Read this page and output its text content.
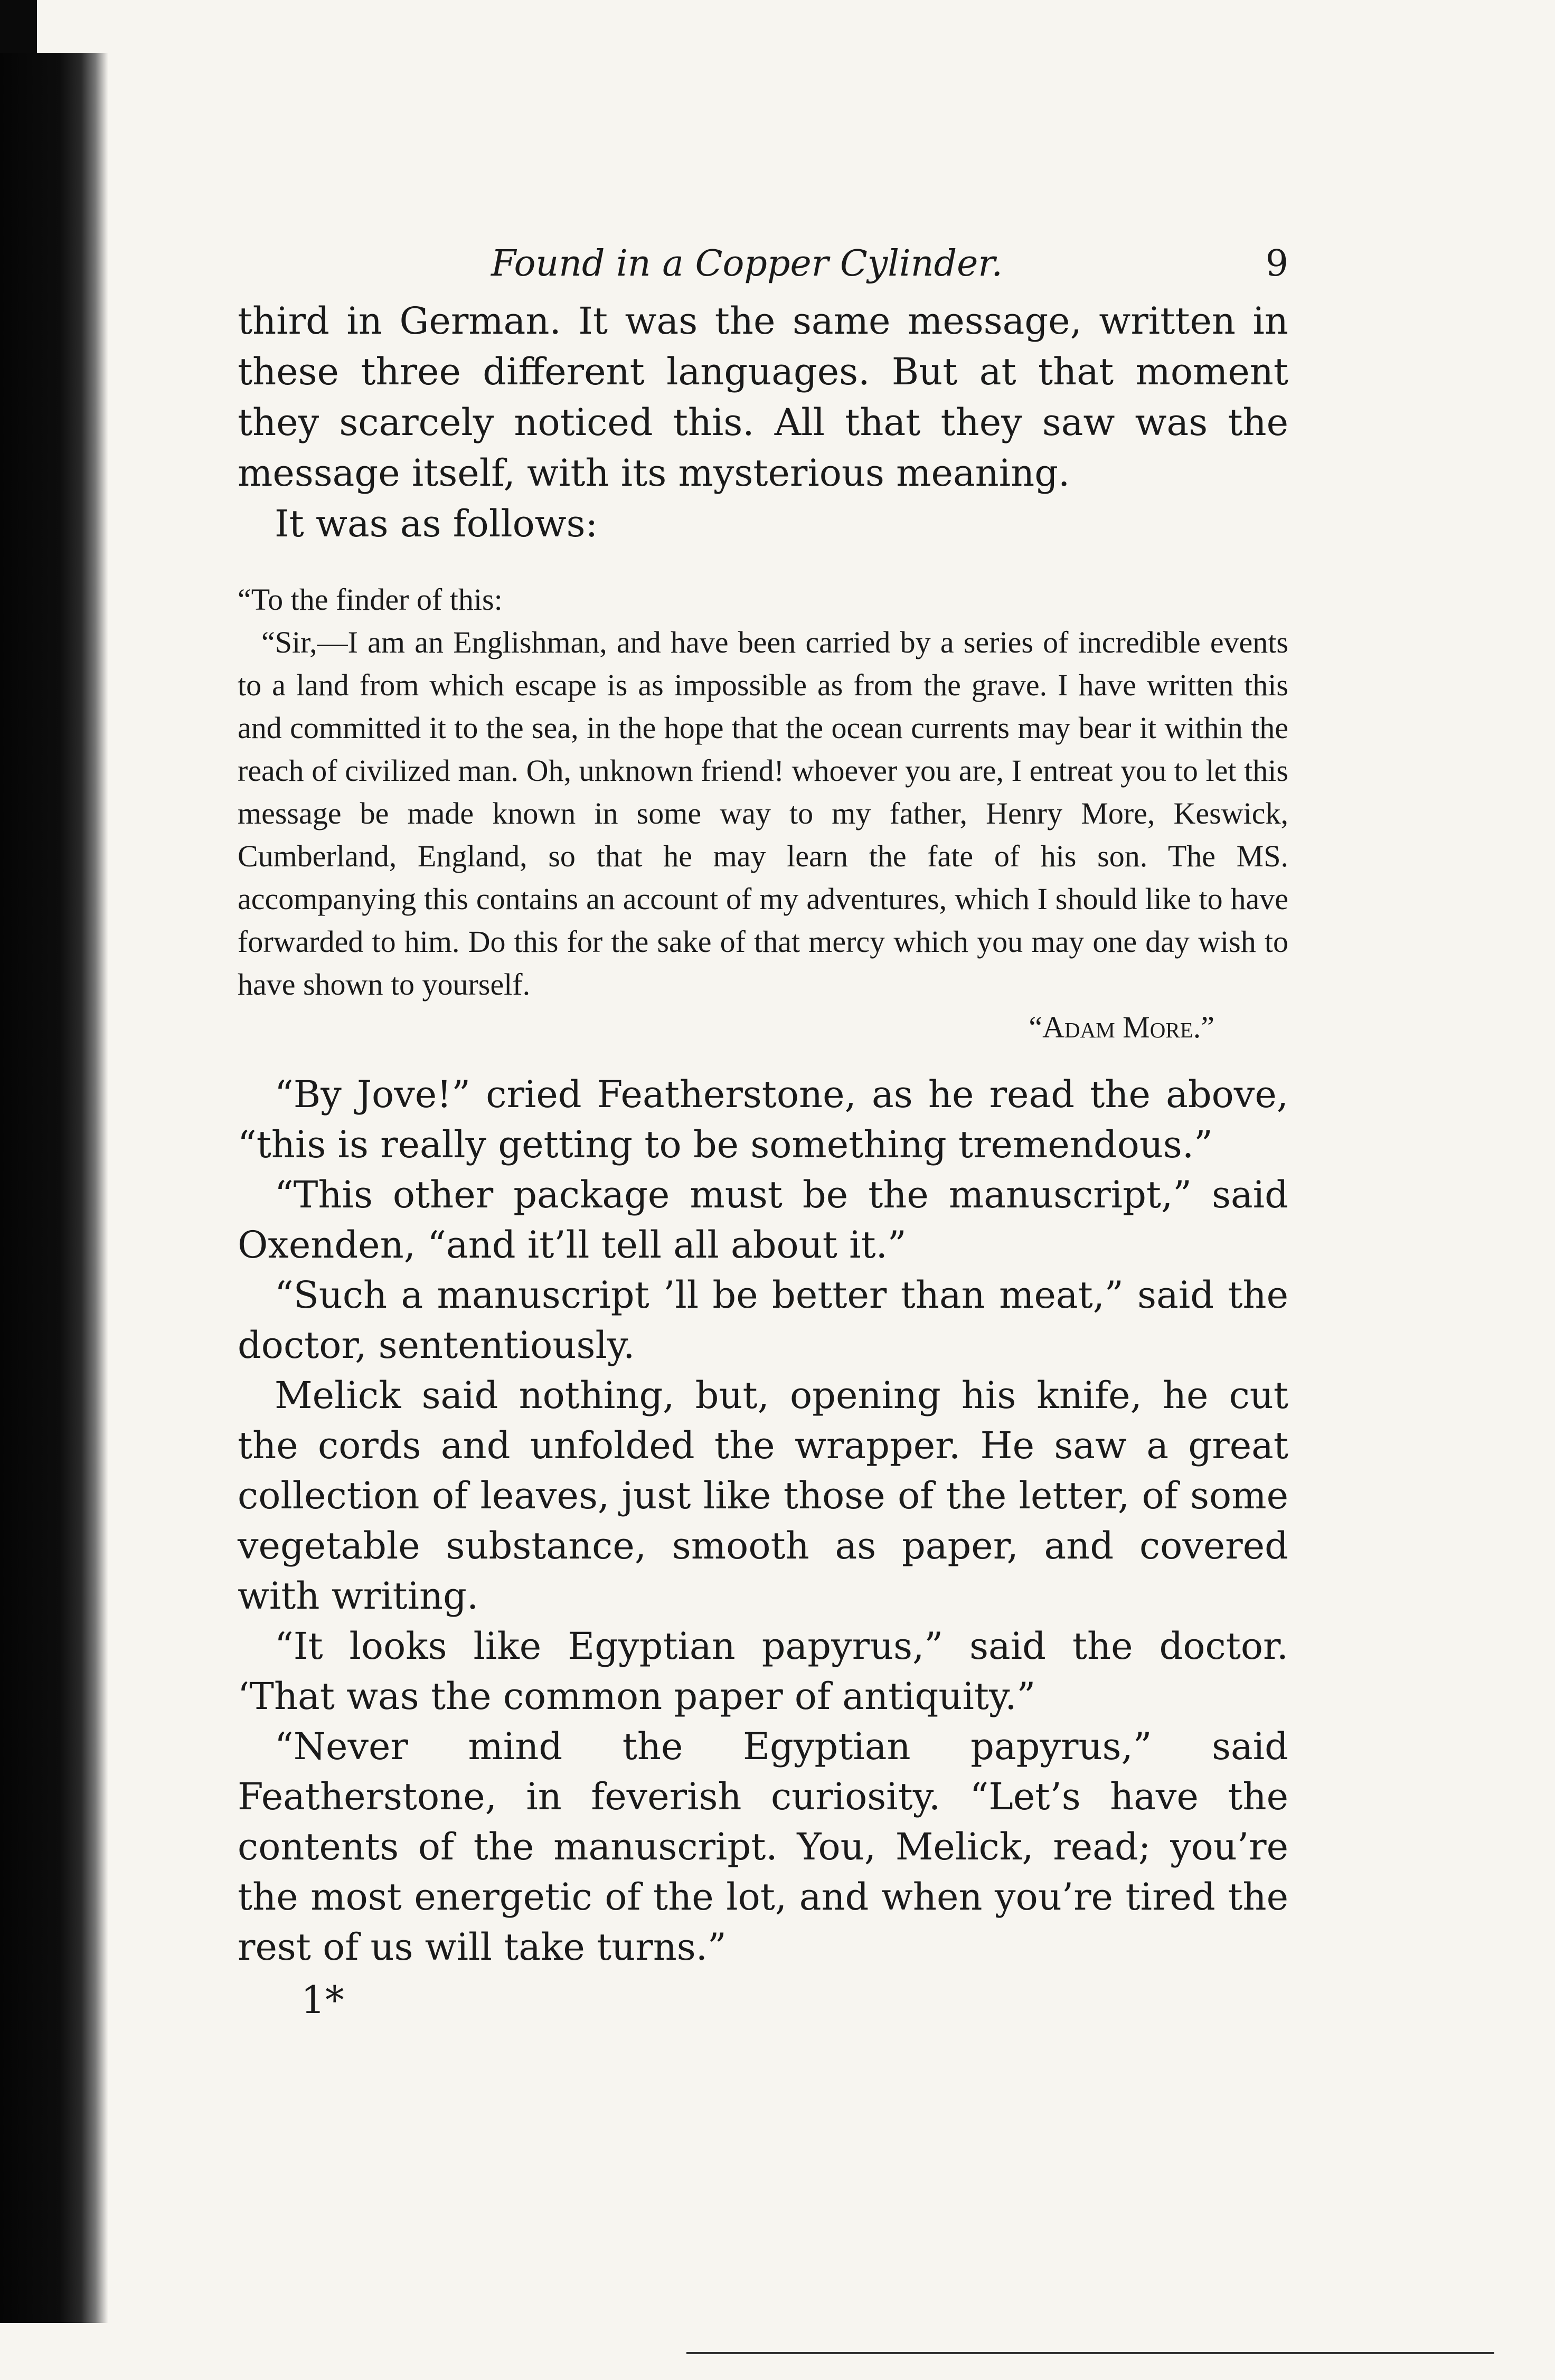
Found in a Copper Cylinder.	9

third in German. It was the same message, written in these three different languages. But at that moment they scarcely noticed this. All that they saw was the message itself, with its mysterious meaning.

It was as follows:

“To the finder of this:

“Sir,—I am an Englishman, and have been carried by a series of incredible events to a land from which escape is as impossible as from the grave. I have written this and committed it to the sea, in the hope that the ocean currents may bear it within the reach of civilized man. Oh, unknown friend! whoever you are, I entreat you to let this message be made known in some way to my father, Henry More, Keswick, Cumberland, England, so that he may learn the fate of his son. The MS. accompanying this contains an account of my adventures, which I should like to have forwarded to him. Do this for the sake of that mercy which you may one day wish to have shown to yourself.

“Adam More.”

“By Jove!” cried Featherstone, as he read the above, “this is really getting to be something tremendous.”

“This other package must be the manuscript,” said Oxenden, “and it’ll tell all about it.”

“Such a manuscript ’ll be better than meat,” said the doctor, sententiously.

Melick said nothing, but, opening his knife, he cut the cords and unfolded the wrapper. He saw a great collection of leaves, just like those of the letter, of some vegetable substance, smooth as paper, and covered with writing.

“It looks like Egyptian papyrus,” said the doctor. ‘That was the common paper of antiquity.”

“Never mind the Egyptian papyrus,” said Featherstone, in feverish curiosity. “Let’s have the contents of the manuscript. You, Melick, read; you’re the most energetic of the lot, and when you’re tired the rest of us will take turns.”

1*
